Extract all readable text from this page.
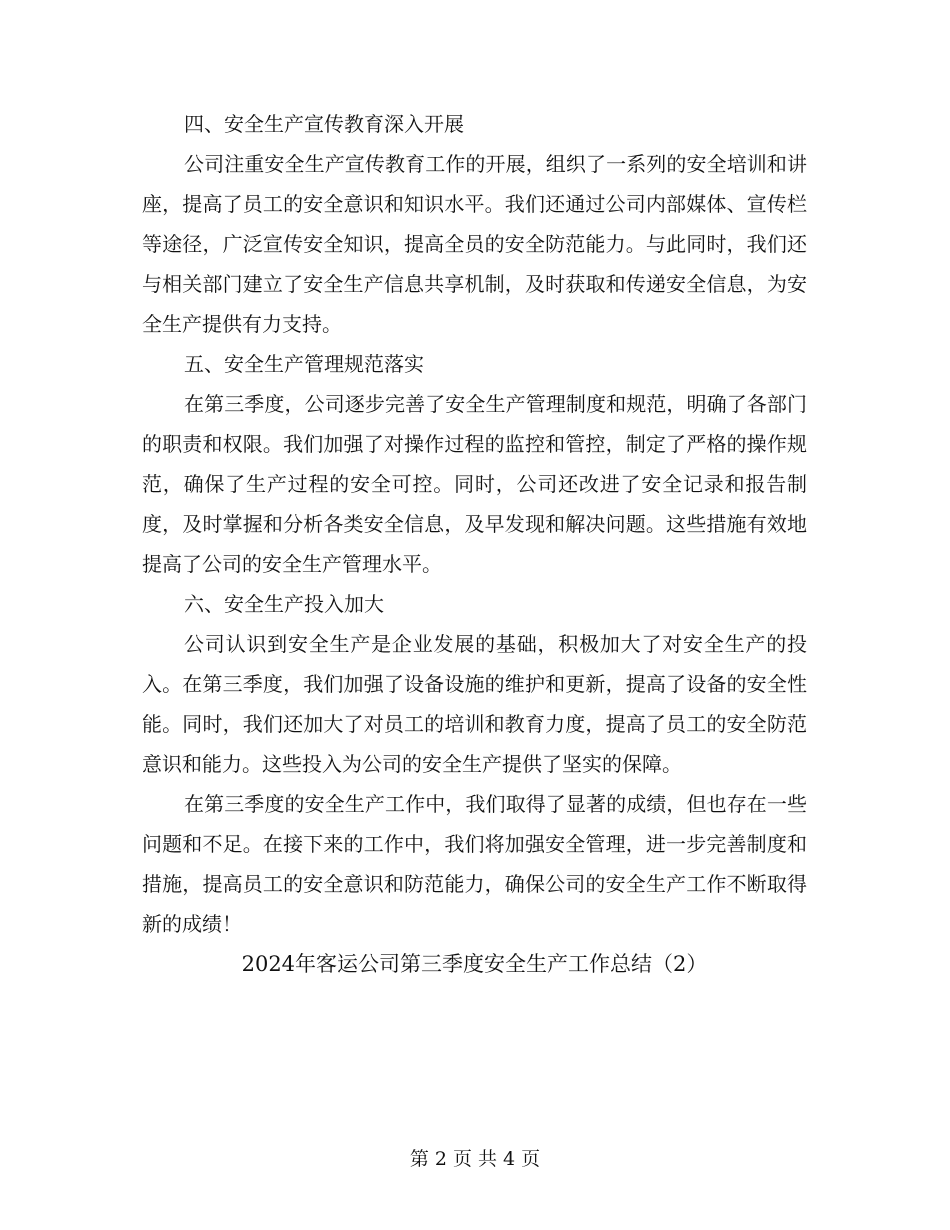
四、安全生产宣传教育深入开展

公司注重安全生产宣传教育工作的开展，组织了一系列的安全培训和讲座，提高了员工的安全意识和知识水平。我们还通过公司内部媒体、宣传栏等途径，广泛宣传安全知识，提高全员的安全防范能力。与此同时，我们还与相关部门建立了安全生产信息共享机制，及时获取和传递安全信息，为安全生产提供有力支持。

五、安全生产管理规范落实

在第三季度，公司逐步完善了安全生产管理制度和规范，明确了各部门的职责和权限。我们加强了对操作过程的监控和管控，制定了严格的操作规范，确保了生产过程的安全可控。同时，公司还改进了安全记录和报告制度，及时掌握和分析各类安全信息，及早发现和解决问题。这些措施有效地提高了公司的安全生产管理水平。

六、安全生产投入加大

公司认识到安全生产是企业发展的基础，积极加大了对安全生产的投入。在第三季度，我们加强了设备设施的维护和更新，提高了设备的安全性能。同时，我们还加大了对员工的培训和教育力度，提高了员工的安全防范意识和能力。这些投入为公司的安全生产提供了坚实的保障。

在第三季度的安全生产工作中，我们取得了显著的成绩，但也存在一些问题和不足。在接下来的工作中，我们将加强安全管理，进一步完善制度和措施，提高员工的安全意识和防范能力，确保公司的安全生产工作不断取得新的成绩！

2024年客运公司第三季度安全生产工作总结（2）
第 2 页 共 4 页
